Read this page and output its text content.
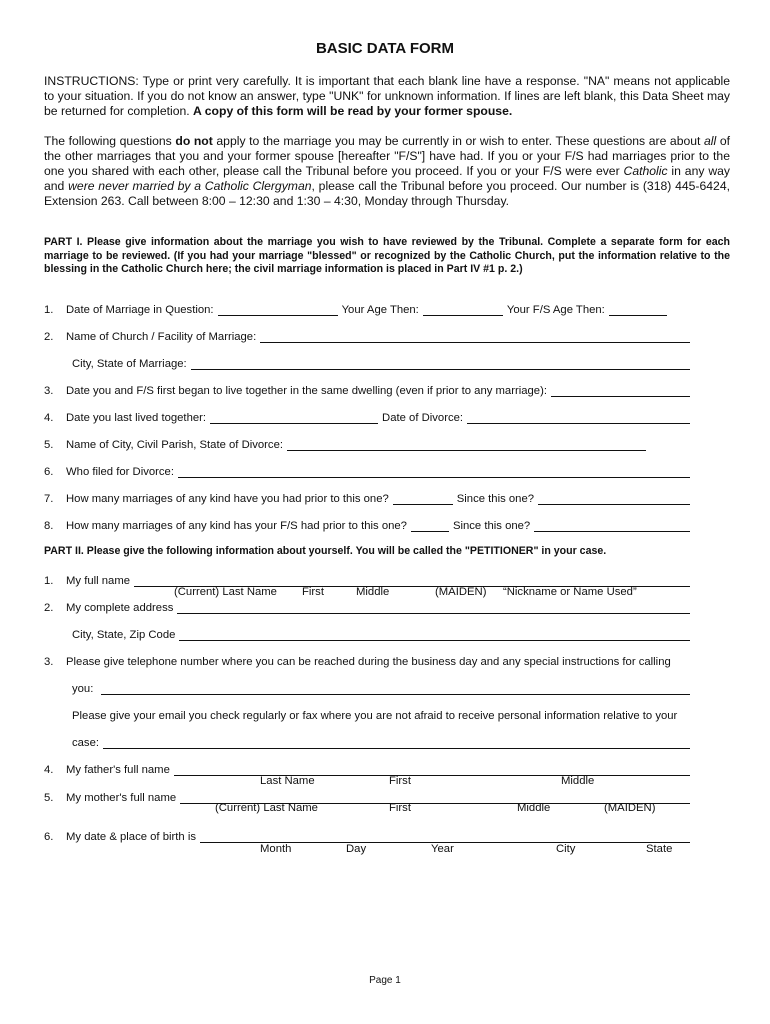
BASIC DATA FORM
INSTRUCTIONS: Type or print very carefully. It is important that each blank line have a response. "NA" means not applicable to your situation. If you do not know an answer, type "UNK" for unknown information. If lines are left blank, this Data Sheet may be returned for completion. A copy of this form will be read by your former spouse.
The following questions do not apply to the marriage you may be currently in or wish to enter. These questions are about all of the other marriages that you and your former spouse [hereafter "F/S"] have had. If you or your F/S had marriages prior to the one you shared with each other, please call the Tribunal before you proceed. If you or your F/S were ever Catholic in any way and were never married by a Catholic Clergyman, please call the Tribunal before you proceed. Our number is (318) 445-6424, Extension 263. Call between 8:00 – 12:30 and 1:30 – 4:30, Monday through Thursday.
PART I. Please give information about the marriage you wish to have reviewed by the Tribunal. Complete a separate form for each marriage to be reviewed. (If you had your marriage "blessed" or recognized by the Catholic Church, put the information relative to the blessing in the Catholic Church here; the civil marriage information is placed in Part IV #1 p. 2.)
1.	Date of Marriage in Question:	Your Age Then:	Your F/S Age Then:
2.	Name of Church / Facility of Marriage:
City, State of Marriage:
3.	Date you and F/S first began to live together in the same dwelling (even if prior to any marriage):
4.	Date you last lived together:	Date of Divorce:
5.	Name of City, Civil Parish, State of Divorce:
6.	Who filed for Divorce:
7.	How many marriages of any kind have you had prior to this one?	Since this one?
8.	How many marriages of any kind has your F/S had prior to this one?	Since this one?
PART II. Please give the following information about yourself. You will be called the "PETITIONER" in your case.
1.	My full name
(Current) Last Name First	Middle	(MAIDEN) “Nickname or Name Used”
2.	My complete address
City, State, Zip Code
3.	Please give telephone number where you can be reached during the business day and any special instructions for calling
you:
Please give your email you check regularly or fax where you are not afraid to receive personal information relative to your
case:
4.	My father's full name
Last Name	First	Middle
5.	My mother's full name
(Current) Last Name	First	Middle	(MAIDEN)
6.	My date & place of birth is
Month	Day	Year	City	State
Page 1
